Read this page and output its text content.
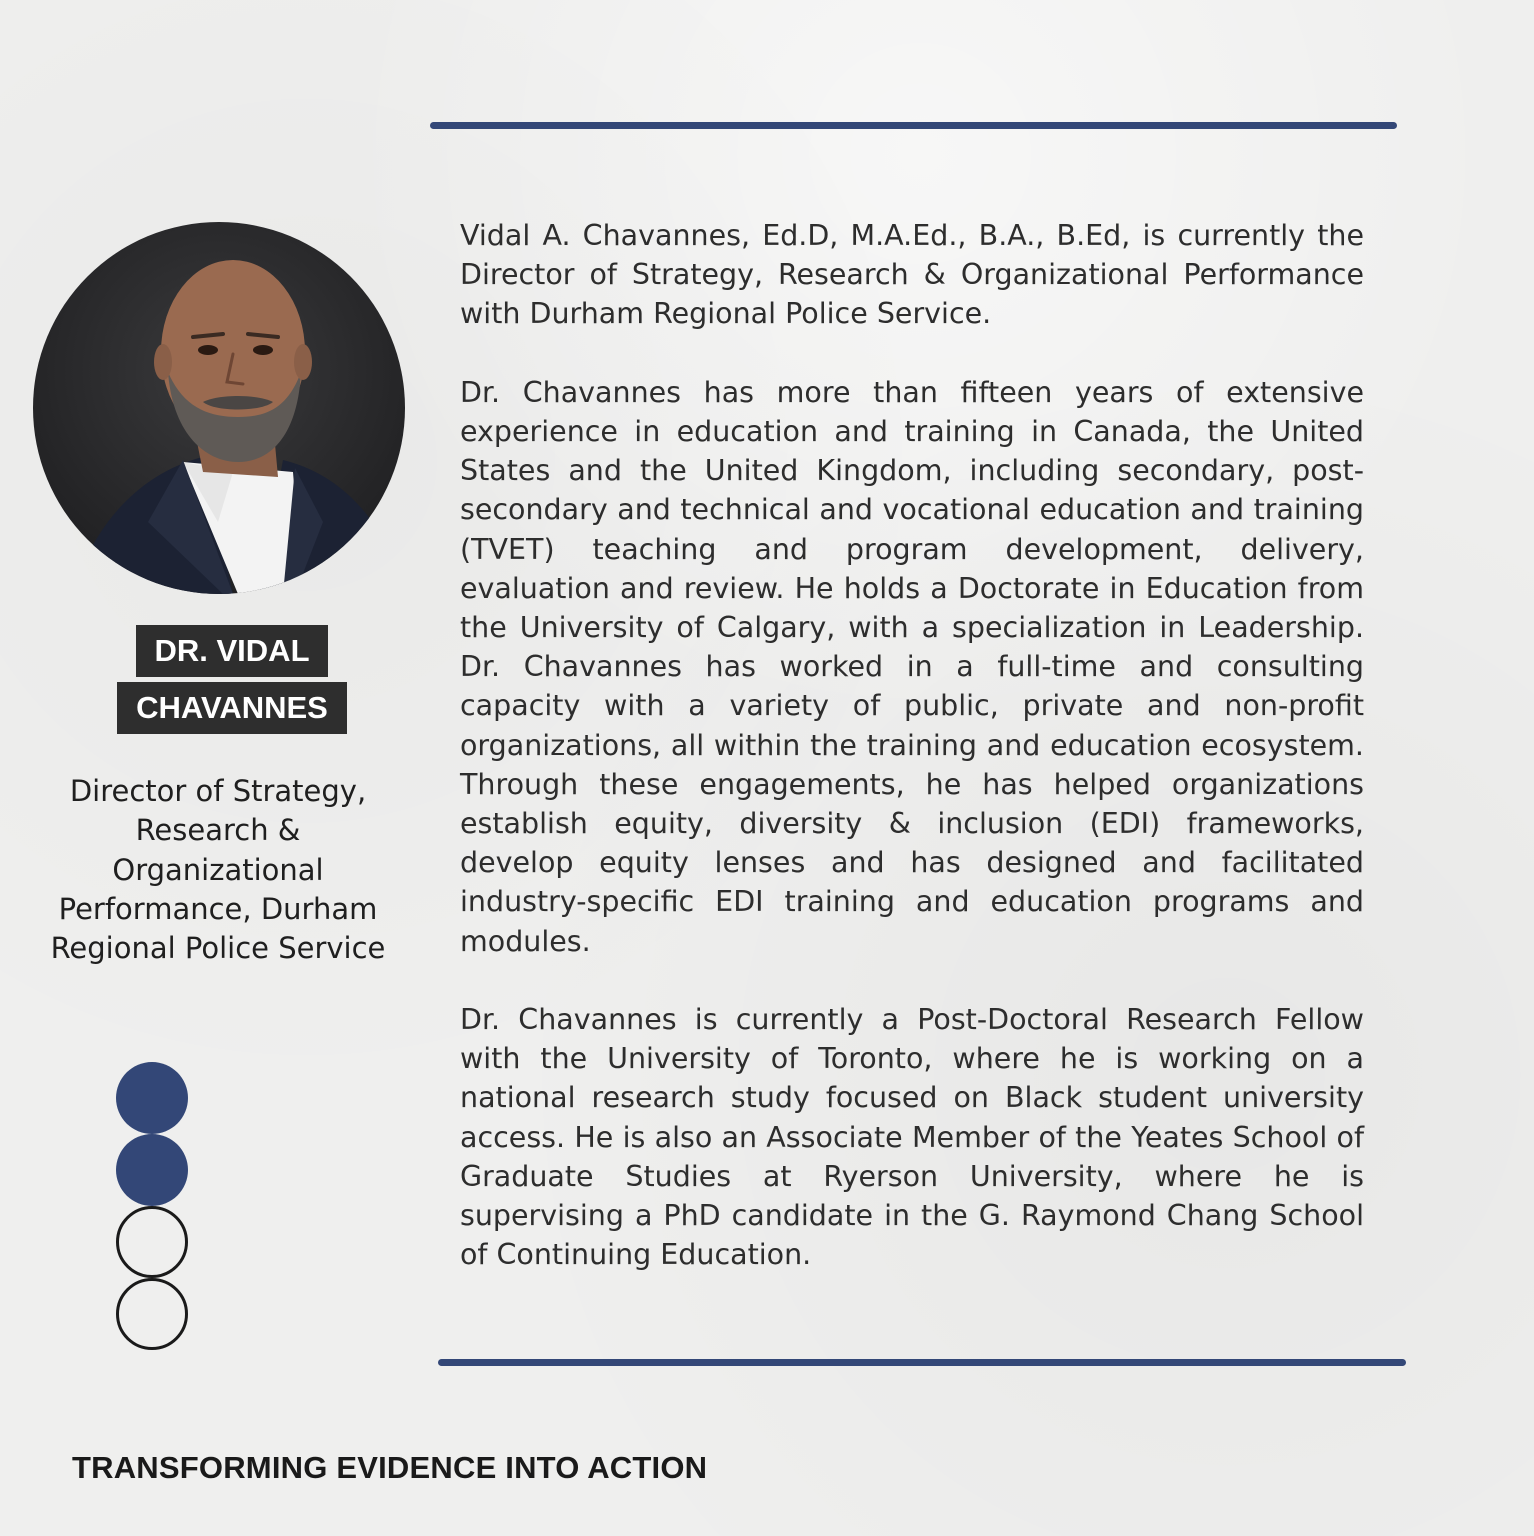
DR. VIDAL
CHAVANNES
Director of Strategy, Research & Organizational Performance, Durham Regional Police Service

Vidal A. Chavannes, Ed.D, M.A.Ed., B.A., B.Ed, is currently the Director of Strategy, Research & Organizational Performance with Durham Regional Police Service.

Dr. Chavannes has more than fifteen years of extensive experience in education and training in Canada, the United States and the United Kingdom, including secondary, post-secondary and technical and vocational education and training (TVET) teaching and program development, delivery, evaluation and review. He holds a Doctorate in Education from the University of Calgary, with a specialization in Leadership. Dr. Chavannes has worked in a full-time and consulting capacity with a variety of public, private and non-profit organizations, all within the training and education ecosystem. Through these engagements, he has helped organizations establish equity, diversity & inclusion (EDI) frameworks, develop equity lenses and has designed and facilitated industry-specific EDI training and education programs and modules.

Dr. Chavannes is currently a Post-Doctoral Research Fellow with the University of Toronto, where he is working on a national research study focused on Black student university access. He is also an Associate Member of the Yeates School of Graduate Studies at Ryerson University, where he is supervising a PhD candidate in the G. Raymond Chang School of Continuing Education.

TRANSFORMING EVIDENCE INTO ACTION
